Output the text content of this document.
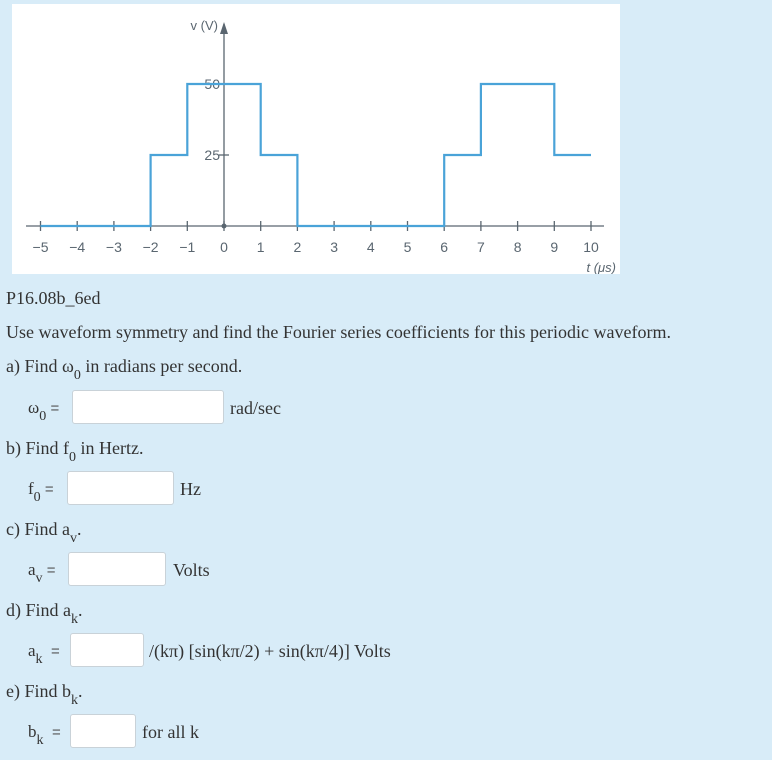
−5 −4 −3 −2 −1 0 1 2 3 4 5 6 7 8 9 10
50
25
v (V)
t (μs)
P16.08b_6ed
Use waveform symmetry and find the Fourier series coefficients for this periodic waveform.
a) Find $\omega_0$ in radians per second.
$\omega_0$ =	rad/sec
b) Find $f_0$ in Hertz.
$f_0$ =	Hz
c) Find $a_v$.
$a_v$ =	Volts
d) Find $a_k$.
$a_k$ =	/(kπ) [sin(kπ/2) + sin(kπ/4)] Volts
e) Find $b_k$.
$b_k$ =	for all k
